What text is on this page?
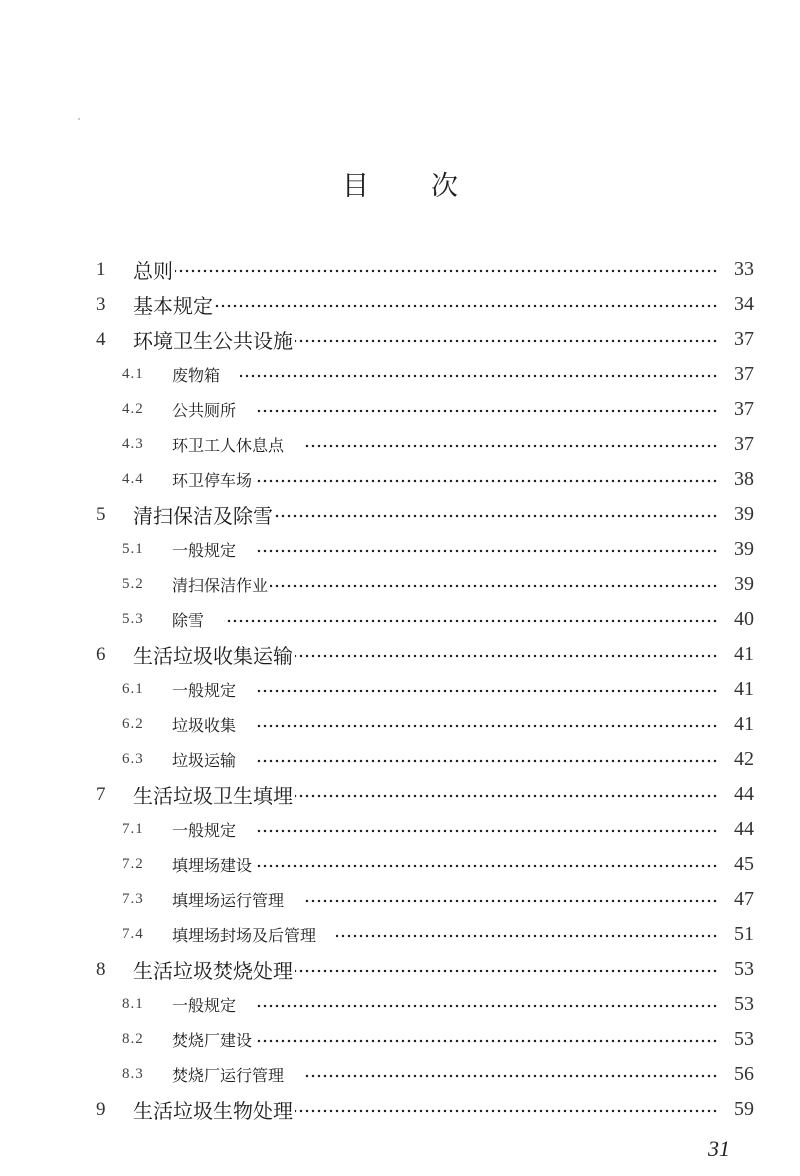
目次
1	总则	33
3	基本规定	34
4	环境卫生公共设施	37
4.1	废物箱	37
4.2	公共厕所	37
4.3	环卫工人休息点	37
4.4	环卫停车场	38
5	清扫保洁及除雪	39
5.1	一般规定	39
5.2	清扫保洁作业	39
5.3	除雪	40
6	生活垃圾收集运输	41
6.1	一般规定	41
6.2	垃圾收集	41
6.3	垃圾运输	42
7	生活垃圾卫生填埋	44
7.1	一般规定	44
7.2	填埋场建设	45
7.3	填埋场运行管理	47
7.4	填埋场封场及后管理	51
8	生活垃圾焚烧处理	53
8.1	一般规定	53
8.2	焚烧厂建设	53
8.3	焚烧厂运行管理	56
9	生活垃圾生物处理	59
31
